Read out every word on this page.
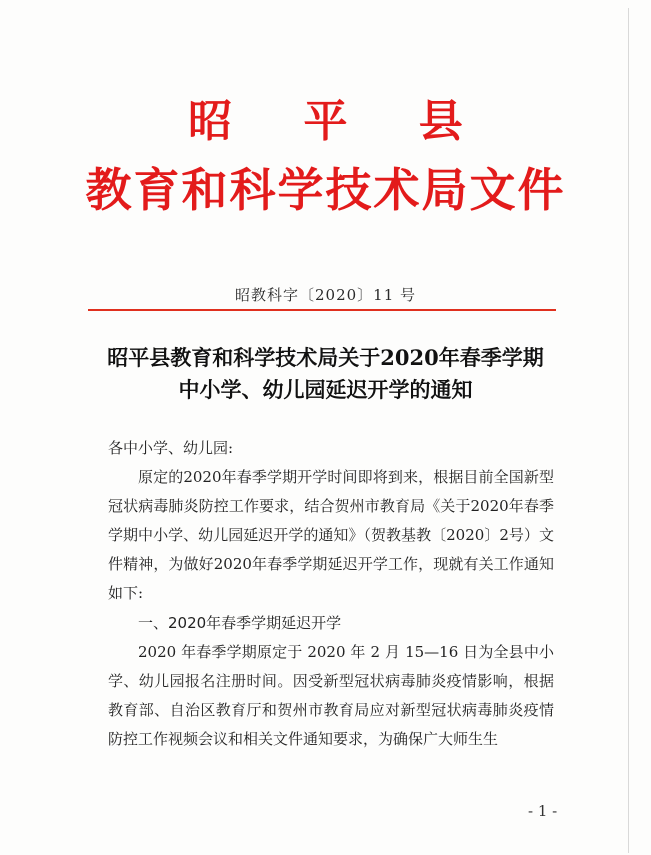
昭 平 县
教育和科学技术局文件
昭教科字〔2020〕11 号
昭平县教育和科学技术局关于2020年春季学期
中小学、幼儿园延迟开学的通知

各中小学、幼儿园:

原定的2020年春季学期开学时间即将到来，根据目前全国新型冠状病毒肺炎防控工作要求，结合贺州市教育局《关于2020年春季学期中小学、幼儿园延迟开学的通知》（贺教基教〔2020〕2号）文件精神，为做好2020年春季学期延迟开学工作，现就有关工作通知如下:

一、2020年春季学期延迟开学

2020 年春季学期原定于 2020 年 2 月 15—16 日为全县中小学、幼儿园报名注册时间。因受新型冠状病毒肺炎疫情影响，根据教育部、自治区教育厅和贺州市教育局应对新型冠状病毒肺炎疫情防控工作视频会议和相关文件通知要求，为确保广大师生生

- 1 -
